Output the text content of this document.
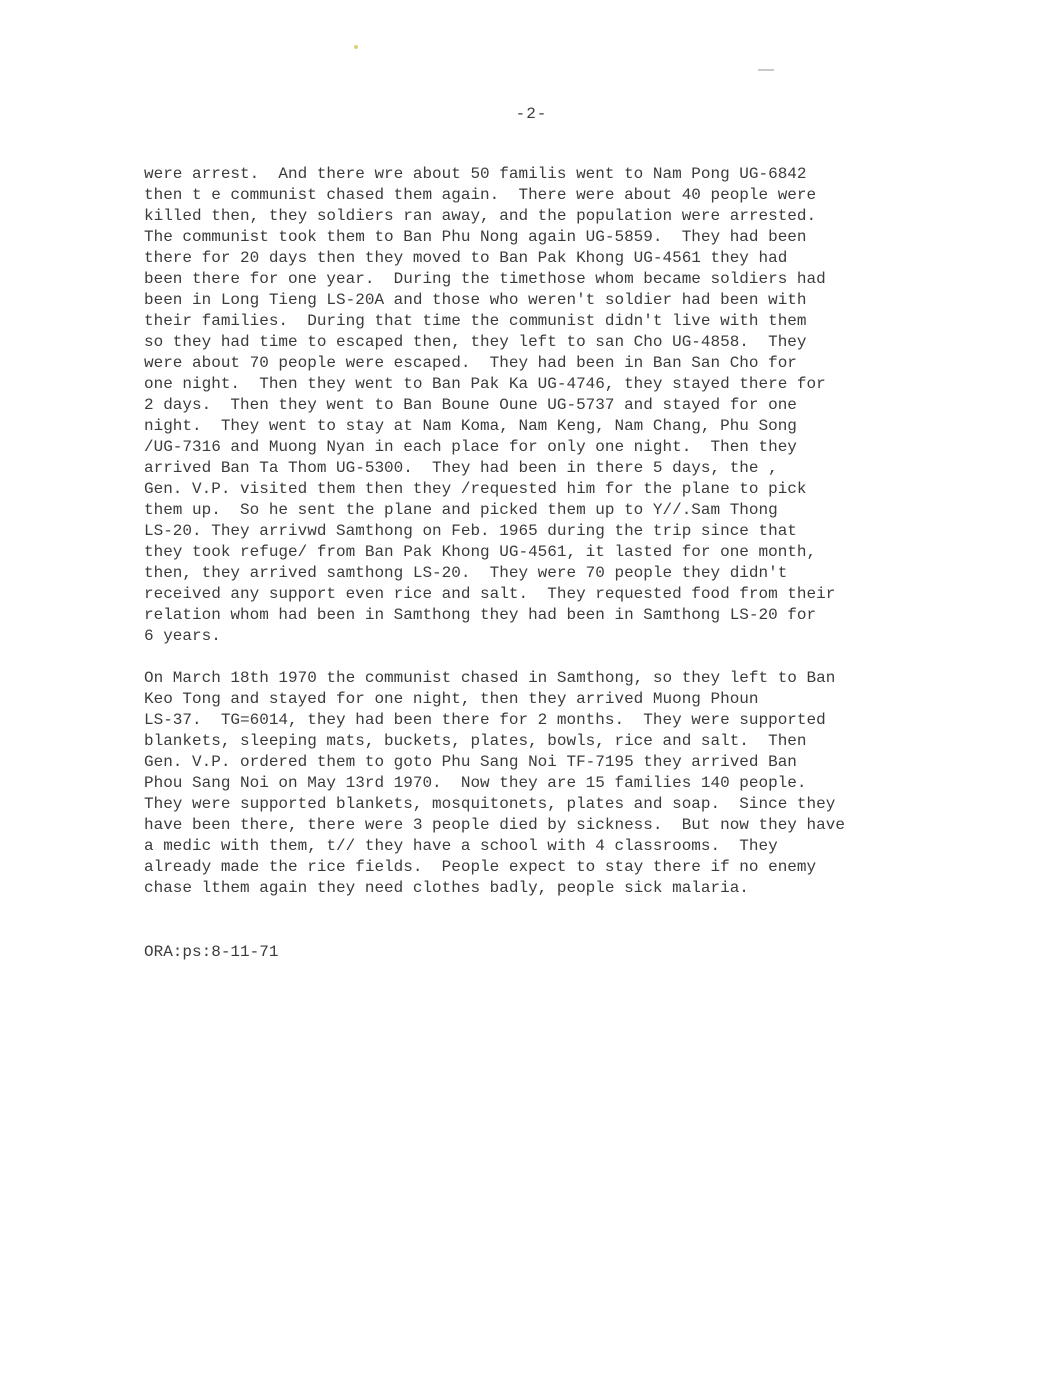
-2-
were arrest.  And there wre about 50 familis went to Nam Pong UG-6842
then t e communist chased them again.  There were about 40 people were
killed then, they soldiers ran away, and the population were arrested.
The communist took them to Ban Phu Nong again UG-5859.  They had been
there for 20 days then they moved to Ban Pak Khong UG-4561 they had
been there for one year.  During the timethose whom became soldiers had
been in Long Tieng LS-20A and those who weren't soldier had been with
their families.  During that time the communist didn't live with them
so they had time to escaped then, they left to san Cho UG-4858.  They
were about 70 people were escaped.  They had been in Ban San Cho for
one night.  Then they went to Ban Pak Ka UG-4746, they stayed there for
2 days.  Then they went to Ban Boune Oune UG-5737 and stayed for one
night.  They went to stay at Nam Koma, Nam Keng, Nam Chang, Phu Song
/UG-7316 and Muong Nyan in each place for only one night.  Then they
arrived Ban Ta Thom UG-5300.  They had been in there 5 days, the ,
Gen. V.P. visited them then they /requested him for the plane to pick
them up.  So he sent the plane and picked them up to Y//.Sam Thong
LS-20. They arrivwd Samthong on Feb. 1965 during the trip since that
they took refuge/ from Ban Pak Khong UG-4561, it lasted for one month,
then, they arrived samthong LS-20.  They were 70 people they didn't
received any support even rice and salt.  They requested food from their
relation whom had been in Samthong they had been in Samthong LS-20 for
6 years.
On March 18th 1970 the communist chased in Samthong, so they left to Ban
Keo Tong and stayed for one night, then they arrived Muong Phoun
LS-37.  TG=6014, they had been there for 2 months.  They were supported
blankets, sleeping mats, buckets, plates, bowls, rice and salt.  Then
Gen. V.P. ordered them to goto Phu Sang Noi TF-7195 they arrived Ban
Phou Sang Noi on May 13rd 1970.  Now they are 15 families 140 people.
They were supported blankets, mosquitonets, plates and soap.  Since they
have been there, there were 3 people died by sickness.  But now they have
a medic with them, t// they have a school with 4 classrooms.  They
already made the rice fields.  People expect to stay there if no enemy
chase lthem again they need clothes badly, people sick malaria.
ORA:ps:8-11-71
